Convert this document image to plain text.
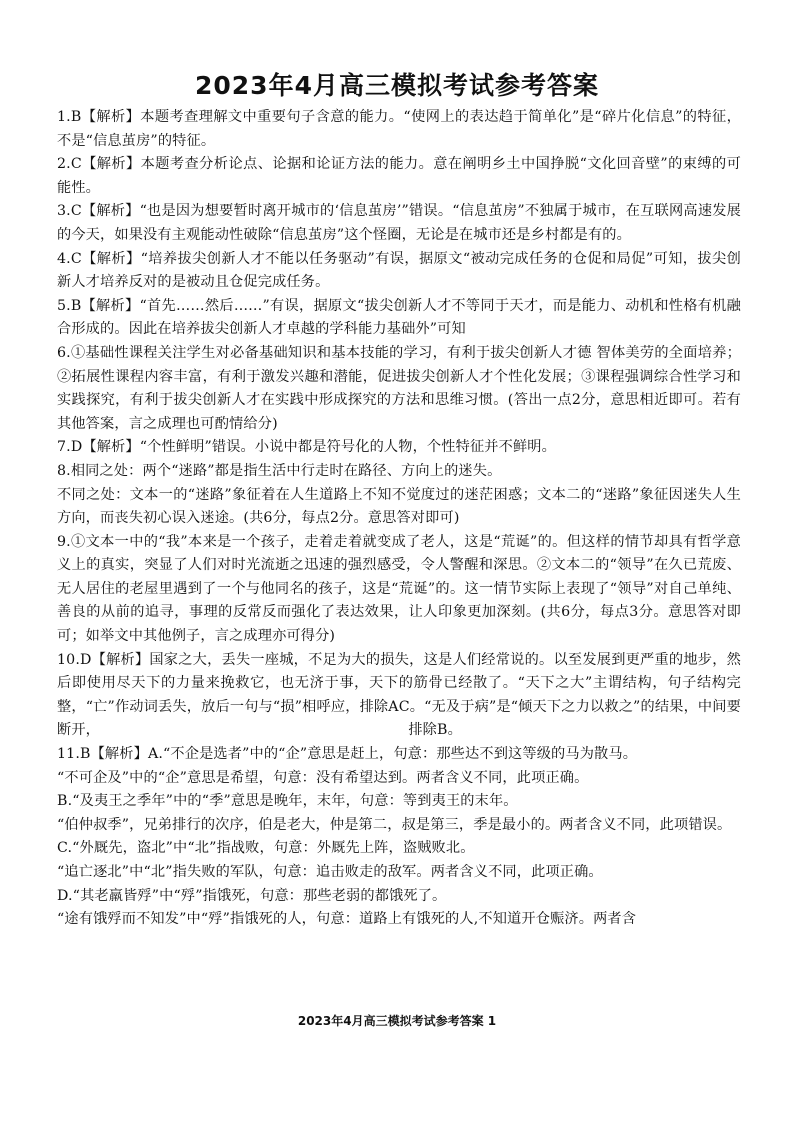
2023年4月高三模拟考试参考答案

1.B【解析】本题考查理解文中重要句子含意的能力。“使网上的表达趋于简单化”是“碎片化信息”的特征，不是“信息茧房”的特征。

2.C【解析】本题考查分析论点、论据和论证方法的能力。意在阐明乡土中国挣脱“文化回音壁”的束缚的可能性。

3.C【解析】“也是因为想要暂时离开城市的‘信息茧房’”错误。“信息茧房”不独属于城市，在互联网高速发展的今天，如果没有主观能动性破除“信息茧房”这个怪圈，无论是在城市还是乡村都是有的。

4.C【解析】“培养拔尖创新人才不能以任务驱动”有误，据原文“被动完成任务的仓促和局促”可知，拔尖创新人才培养反对的是被动且仓促完成任务。

5.B【解析】“首先……然后……”有误，据原文“拔尖创新人才不等同于天才，而是能力、动机和性格有机融合形成的。因此在培养拔尖创新人才卓越的学科能力基础外”可知

6.①基础性课程关注学生对必备基础知识和基本技能的学习，有利于拔尖创新人才德 智体美劳的全面培养；②拓展性课程内容丰富，有利于激发兴趣和潜能，促进拔尖创新人才个性化发展；③课程强调综合性学习和实践探究，有利于拔尖创新人才在实践中形成探究的方法和思维习惯。(答出一点2分，意思相近即可。若有其他答案，言之成理也可酌情给分)

7.D【解析】“个性鲜明”错误。小说中都是符号化的人物，个性特征并不鲜明。

8.相同之处：两个“迷路”都是指生活中行走时在路径、方向上的迷失。

不同之处：文本一的“迷路”象征着在人生道路上不知不觉度过的迷茫困惑；文本二的“迷路”象征因迷失人生方向，而丧失初心误入迷途。(共6分，每点2分。意思答对即可)

9.①文本一中的“我”本来是一个孩子，走着走着就变成了老人，这是“荒诞”的。但这样的情节却具有哲学意义上的真实，突显了人们对时光流逝之迅速的强烈感受，令人警醒和深思。②文本二的“领导”在久已荒废、无人居住的老屋里遇到了一个与他同名的孩子，这是“荒诞”的。这一情节实际上表现了“领导”对自己单纯、善良的从前的追寻，事理的反常反而强化了表达效果，让人印象更加深刻。(共6分，每点3分。意思答对即可；如举文中其他例子，言之成理亦可得分)

10.D【解析】国家之大，丢失一座城，不足为大的损失，这是人们经常说的。以至发展到更严重的地步，然后即使用尽天下的力量来挽救它，也无济于事，天下的筋骨已经散了。“天下之大”主谓结构，句子结构完整，“亡”作动词丢失，放后一句与“损”相呼应，排除AC。“无及于病”是“倾天下之力以救之”的结果，中间要断开，　　　　　　　　　　　　　　　　　　　　　　排除B。

11.B【解析】A.“不企是选者”中的“企”意思是赶上，句意：那些达不到这等级的马为散马。

“不可企及”中的“企”意思是希望，句意：没有希望达到。两者含义不同，此项正确。

B.“及夷王之季年”中的“季”意思是晚年，末年，句意：等到夷王的末年。

“伯仲叔季”，兄弟排行的次序，伯是老大，仲是第二，叔是第三，季是最小的。两者含义不同，此项错误。

C.“外厩先，盗北”中“北”指战败，句意：外厩先上阵，盗贼败北。

“追亡逐北”中“北”指失败的军队，句意：追击败走的敌军。两者含义不同，此项正确。

D.“其老羸皆殍”中“殍”指饿死，句意：那些老弱的都饿死了。

“途有饿殍而不知发”中“殍”指饿死的人，句意：道路上有饿死的人,不知道开仓赈济。两者含

2023年4月高三模拟考试参考答案 1
